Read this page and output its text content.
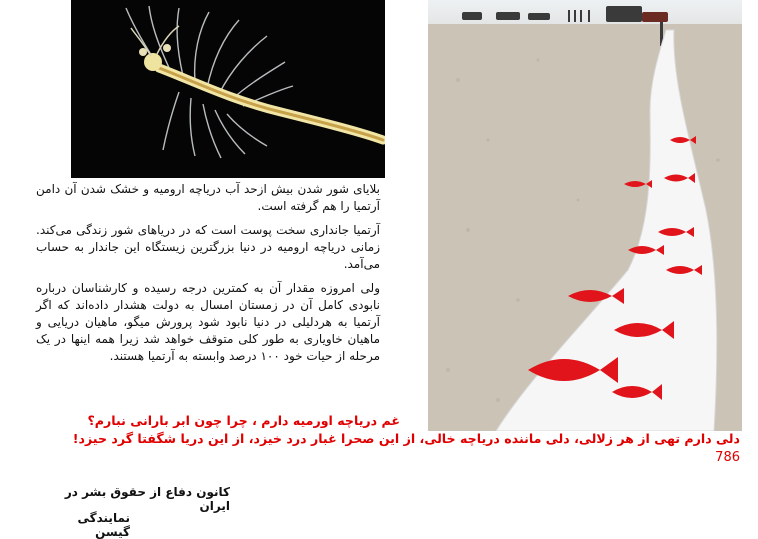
بلایای شور شدن بیش ازحد آب دریاچه ارومیه و خشک شدن آن دامن آرتمیا را هم گرفته است.

آرتمیا جانداری سخت پوست است که در دریاهای شور زندگی می‌کند. زمانی دریاچه ارومیه در دنیا بزرگترین زیستگاه این جاندار به حساب می‌آمد.

ولی امروزه مقدار آن به کمترین درجه رسیده و کارشناسان درباره نابودی کامل آن در زمستان امسال به دولت هشدار داده‌اند که اگر آرتمیا به هردلیلی در دنیا نابود شود پرورش میگو، ماهیان دریایی و ماهیان خاویاری به طور کلی متوقف خواهد شد زیرا همه اینها در یک مرحله از حیات خود ۱۰۰ درصد وابسته به آرتمیا هستند.

غم دریاچه اورمیه دارم ، چرا چون ابر بارانی نبارم؟
دلی دارم تهی از هر زلالی، دلی ماننده دریاچه خالی، از این صحرا غبار درد خیزد، از این دریا شگفتا گرد حیزد!
786
کانون دفاع از حقوق بشر در ایران
نمایندگی گیسن
